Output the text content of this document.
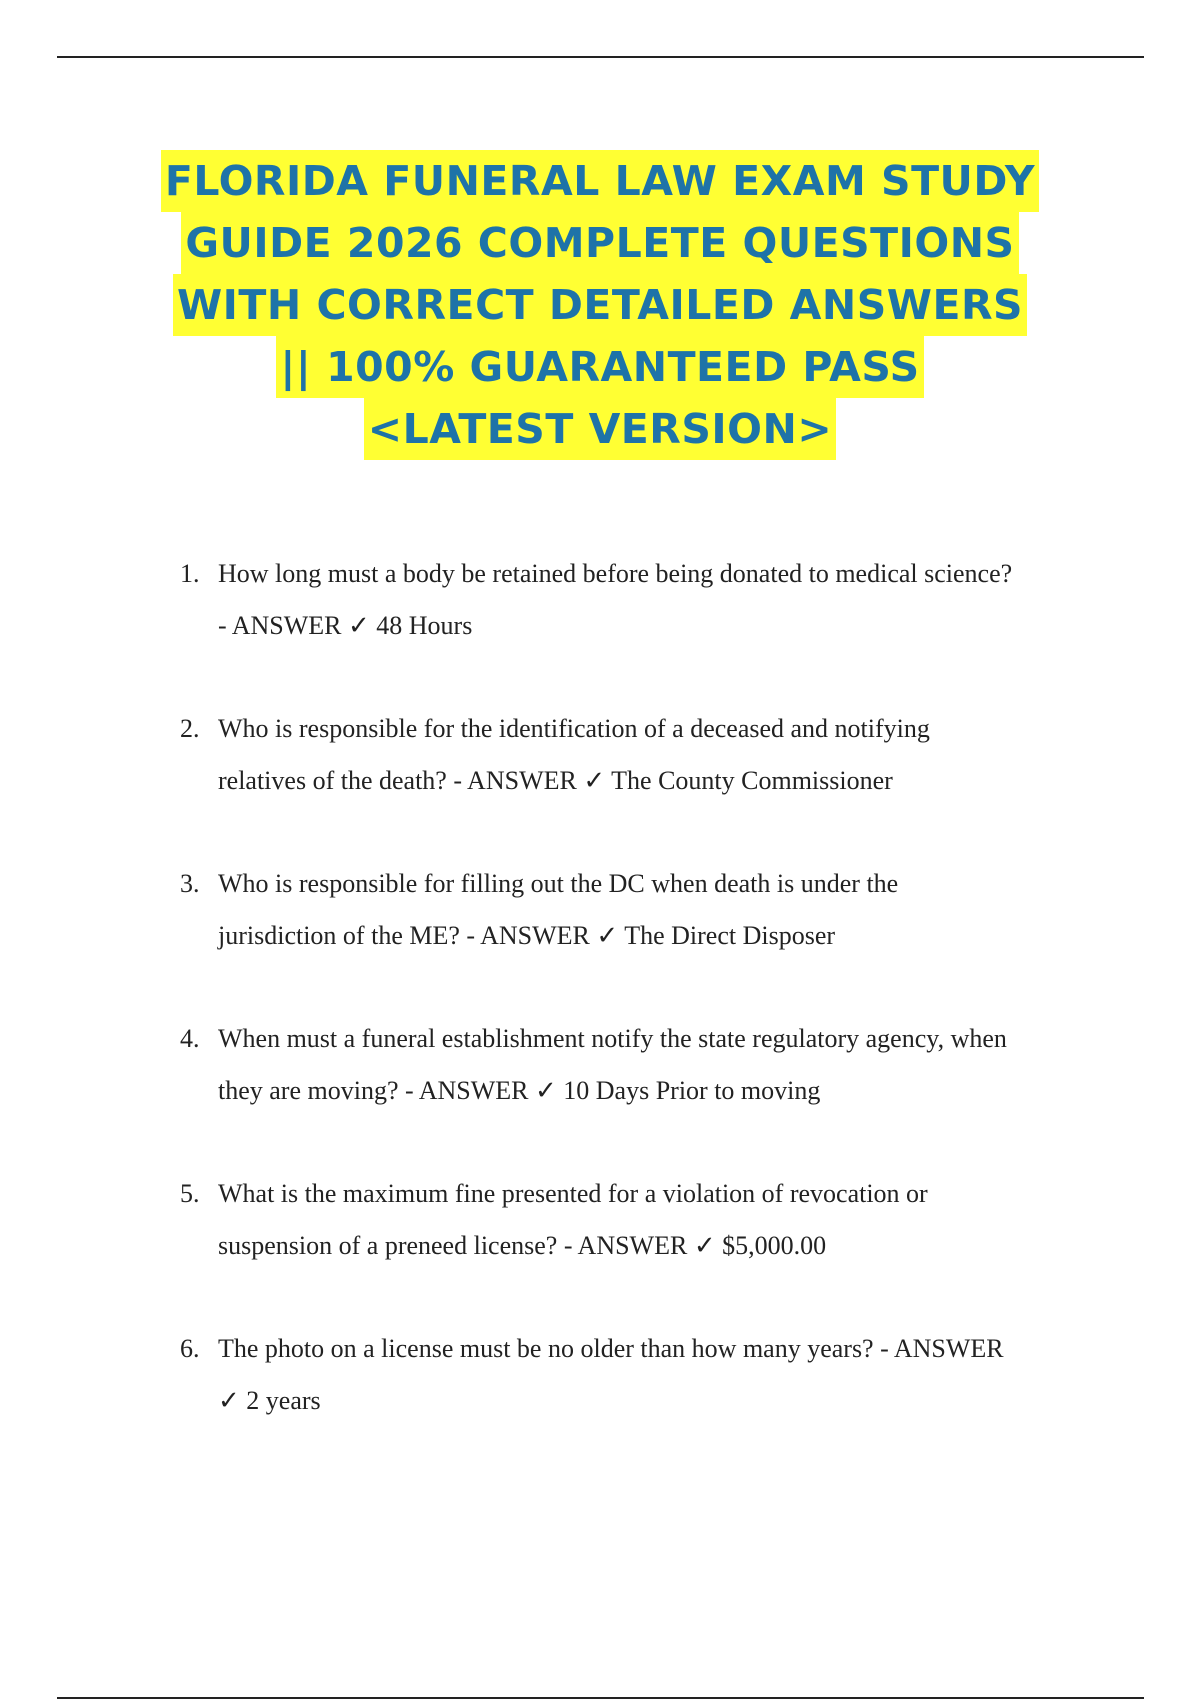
FLORIDA FUNERAL LAW EXAM STUDY
GUIDE 2026 COMPLETE QUESTIONS
WITH CORRECT DETAILED ANSWERS
|| 100% GUARANTEED PASS
<LATEST VERSION>
1. How long must a body be retained before being donated to medical science?
- ANSWER ✓ 48 Hours
2. Who is responsible for the identification of a deceased and notifying
relatives of the death? - ANSWER ✓ The County Commissioner
3. Who is responsible for filling out the DC when death is under the
jurisdiction of the ME? - ANSWER ✓ The Direct Disposer
4. When must a funeral establishment notify the state regulatory agency, when
they are moving? - ANSWER ✓ 10 Days Prior to moving
5. What is the maximum fine presented for a violation of revocation or
suspension of a preneed license? - ANSWER ✓ $5,000.00
6. The photo on a license must be no older than how many years? - ANSWER
✓ 2 years
